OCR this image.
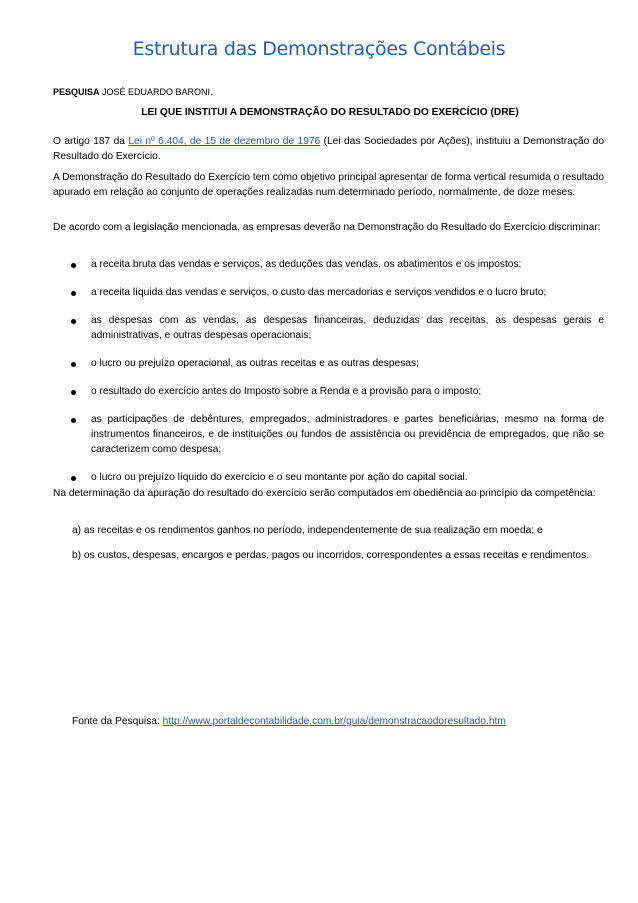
Estrutura das Demonstrações Contábeis
PESQUISA JOSÉ EDUARDO BARONI.
LEI QUE INSTITUI A DEMONSTRAÇÃO DO RESULTADO DO EXERCÍCIO (DRE)
O artigo 187 da Lei nº 6.404, de 15 de dezembro de 1976 (Lei das Sociedades por Ações), instituiu a Demonstração do Resultado do Exercício.
A Demonstração do Resultado do Exercício tem como objetivo principal apresentar de forma vertical resumida o resultado apurado em relação ao conjunto de operações realizadas num determinado período, normalmente, de doze meses.
De acordo com a legislação mencionada, as empresas deverão na Demonstração do Resultado do Exercício discriminar:
a receita bruta das vendas e serviços, as deduções das vendas, os abatimentos e os impostos;
a receita líquida das vendas e serviços, o custo das mercadorias e serviços vendidos e o lucro bruto;
as despesas com as vendas, as despesas financeiras, deduzidas das receitas, as despesas gerais e administrativas, e outras despesas operacionais;
o lucro ou prejuízo operacional, as outras receitas e as outras despesas;
o resultado do exercício antes do Imposto sobre a Renda e a provisão para o imposto;
as participações de debêntures, empregados, administradores e partes beneficiárias, mesmo na forma de instrumentos financeiros, e de instituições ou fundos de assistência ou previdência de empregados, que não se caracterizem como despesa;
o lucro ou prejuízo líquido do exercício e o seu montante por ação do capital social.
Na determinação da apuração do resultado do exercício serão computados em obediência ao princípio da competência:
a) as receitas e os rendimentos ganhos no período, independentemente de sua realização em moeda; e
b) os custos, despesas, encargos e perdas, pagos ou incorridos, correspondentes a essas receitas e rendimentos.
Fonte da Pesquisa: http://www.portaldecontabilidade.com.br/guia/demonstracaodoresultado.htm
